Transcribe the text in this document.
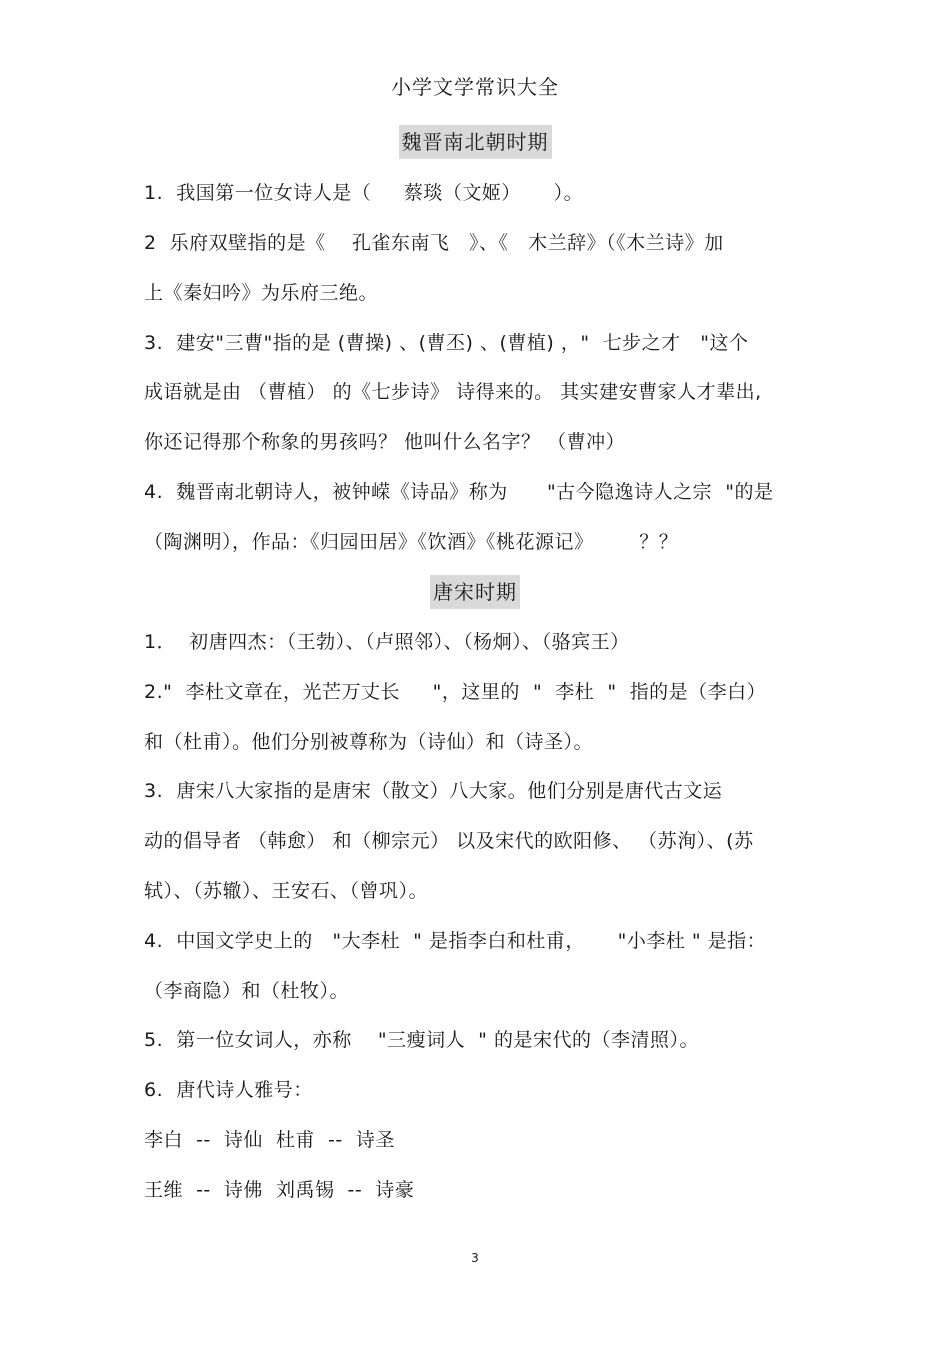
小学文学常识大全
魏晋南北朝时期
1.  我国第一位女诗人是（     蔡琰（文姬）     ）。
2  乐府双壁指的是《    孔雀东南飞   》、《   木兰辞》（《木兰诗》加
上《秦妇吟》为乐府三绝。
3.  建安"三曹"指的是 (曹操) 、(曹丕) 、(曹植) ，"  七步之才   "这个
成语就是由 （曹植） 的《七步诗》 诗得来的。 其实建安曹家人才辈出,
你还记得那个称象的男孩吗？ 他叫什么名字？ （曹冲）
4.  魏晋南北朝诗人，被钟嵘《诗品》称为      "古今隐逸诗人之宗  "的是
（陶渊明），作品：《归园田居》《饮酒》《桃花源记》       ？？
唐宋时期
1．  初唐四杰：（王勃）、（卢照邻）、（杨炯）、（骆宾王）
2."  李杜文章在，光芒万丈长     "，这里的  "  李杜  "  指的是（李白）
和（杜甫）。他们分别被尊称为（诗仙）和（诗圣）。
3.  唐宋八大家指的是唐宋（散文）八大家。他们分别是唐代古文运
动的倡导者 （韩愈） 和（柳宗元） 以及宋代的欧阳修、 （苏洵）、(苏
轼）、（苏辙）、王安石、（曾巩）。
4.  中国文学史上的   "大李杜  " 是指李白和杜甫，     "小李杜 " 是指：
（李商隐）和（杜牧）。
5.  第一位女词人，亦称    "三瘦词人  " 的是宋代的（李清照）。
6.  唐代诗人雅号：
李白  --  诗仙  杜甫  --  诗圣
王维  --  诗佛  刘禹锡  --  诗豪
3
